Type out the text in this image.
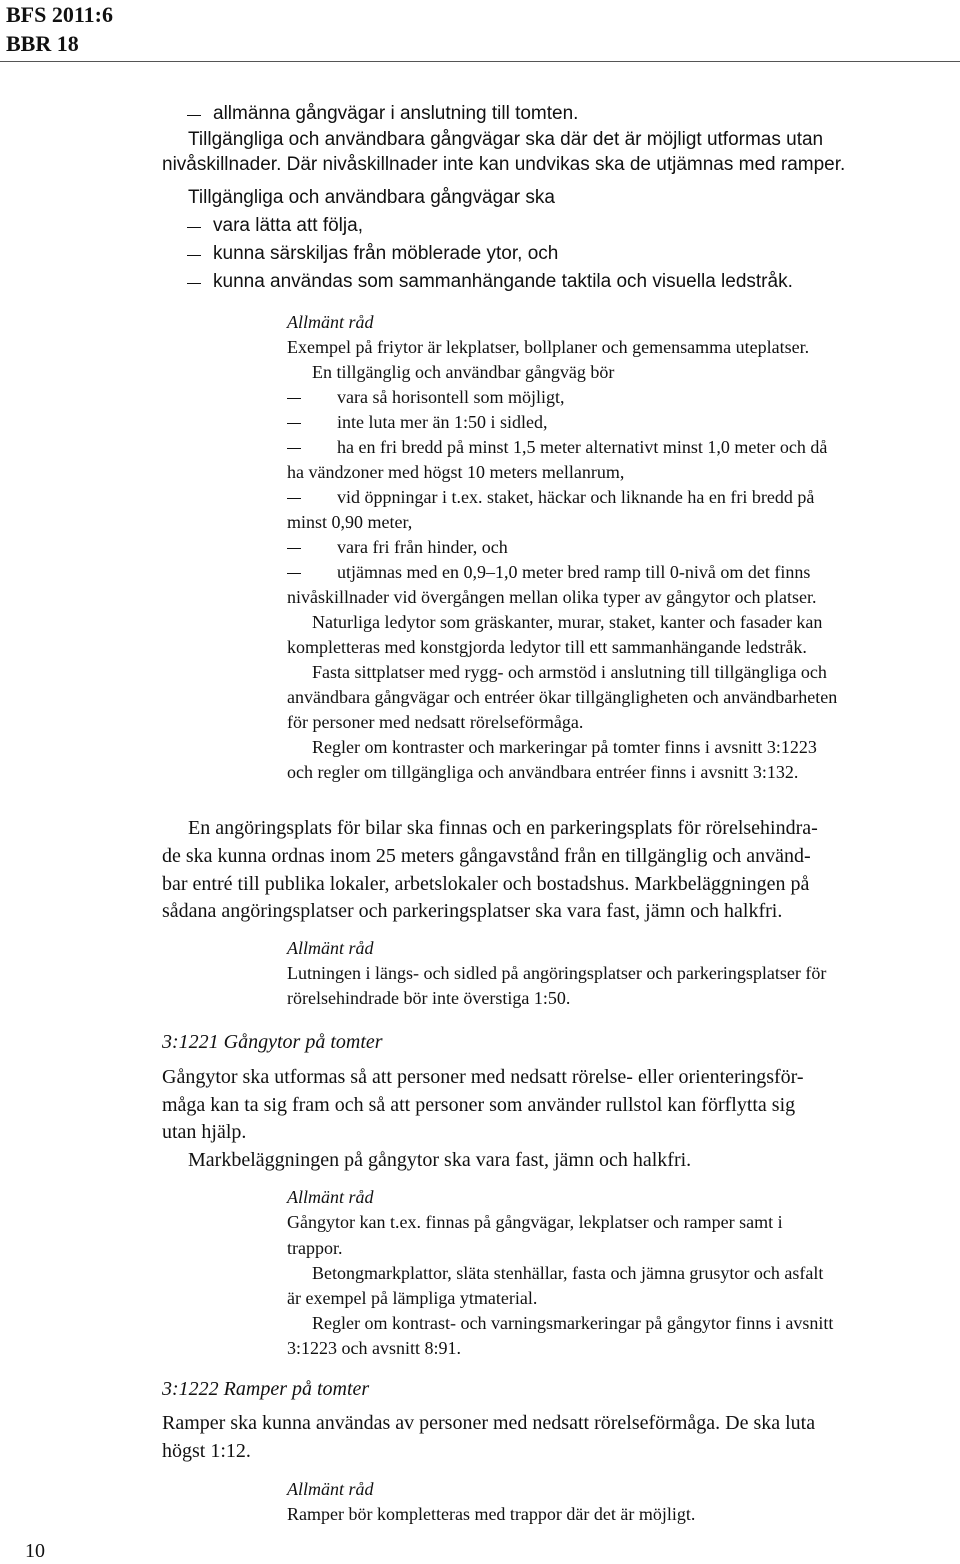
BFS 2011:6
BBR 18
allmänna gångvägar i anslutning till tomten.
Tillgängliga och användbara gångvägar ska där det är möjligt utformas utan
nivåskillnader. Där nivåskillnader inte kan undvikas ska de utjämnas med ramper.
Tillgängliga och användbara gångvägar ska
vara lätta att följa,
kunna särskiljas från möblerade ytor, och
kunna användas som sammanhängande taktila och visuella ledstråk.
Allmänt råd
Exempel på friytor är lekplatser, bollplaner och gemensamma uteplatser.
En tillgänglig och användbar gångväg bör
vara så horisontell som möjligt,
inte luta mer än 1:50 i sidled,
ha en fri bredd på minst 1,5 meter alternativt minst 1,0 meter och då
ha vändzoner med högst 10 meters mellanrum,
vid öppningar i t.ex. staket, häckar och liknande ha en fri bredd på
minst 0,90 meter,
vara fri från hinder, och
utjämnas med en 0,9–1,0 meter bred ramp till 0-nivå om det finns
nivåskillnader vid övergången mellan olika typer av gångytor och platser.
Naturliga ledytor som gräskanter, murar, staket, kanter och fasader kan
kompletteras med konstgjorda ledytor till ett sammanhängande ledstråk.
Fasta sittplatser med rygg- och armstöd i anslutning till tillgängliga och
användbara gångvägar och entréer ökar tillgängligheten och användbarheten
för personer med nedsatt rörelseförmåga.
Regler om kontraster och markeringar på tomter finns i avsnitt 3:1223
och regler om tillgängliga och användbara entréer finns i avsnitt 3:132.
En angöringsplats för bilar ska finnas och en parkeringsplats för rörelsehindra-
de ska kunna ordnas inom 25 meters gångavstånd från en tillgänglig och använd-
bar entré till publika lokaler, arbetslokaler och bostadshus. Markbeläggningen på
sådana angöringsplatser och parkeringsplatser ska vara fast, jämn och halkfri.
Allmänt råd
Lutningen i längs- och sidled på angöringsplatser och parkeringsplatser för
rörelsehindrade bör inte överstiga 1:50.
3:1221 Gångytor på tomter
Gångytor ska utformas så att personer med nedsatt rörelse- eller orienteringsför-
måga kan ta sig fram och så att personer som använder rullstol kan förflytta sig
utan hjälp.
Markbeläggningen på gångytor ska vara fast, jämn och halkfri.
Allmänt råd
Gångytor kan t.ex. finnas på gångvägar, lekplatser och ramper samt i
trappor.
Betongmarkplattor, släta stenhällar, fasta och jämna grusytor och asfalt
är exempel på lämpliga ytmaterial.
Regler om kontrast- och varningsmarkeringar på gångytor finns i avsnitt
3:1223 och avsnitt 8:91.
3:1222 Ramper på tomter
Ramper ska kunna användas av personer med nedsatt rörelseförmåga. De ska luta
högst 1:12.
Allmänt råd
Ramper bör kompletteras med trappor där det är möjligt.
10
